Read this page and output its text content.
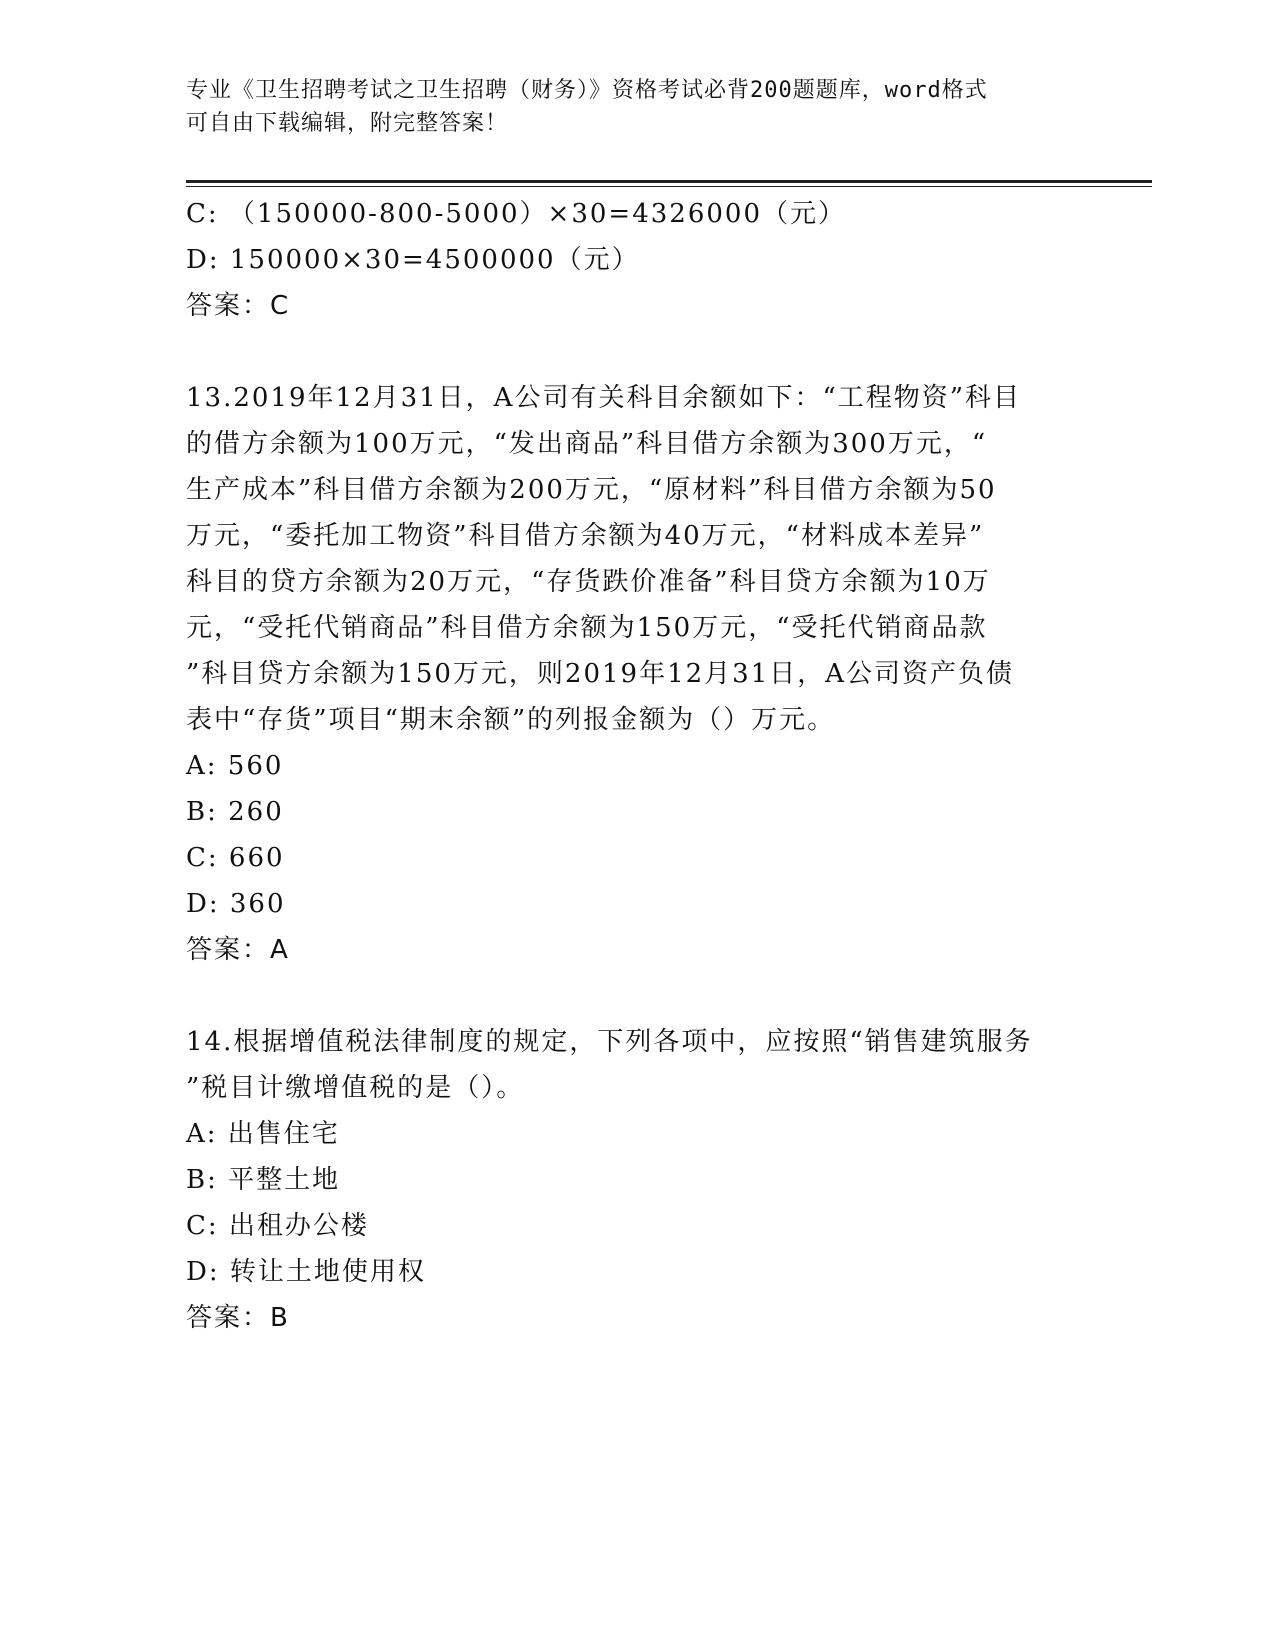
专业《卫生招聘考试之卫生招聘（财务）》资格考试必背200题题库，word格式
可自由下载编辑，附完整答案！
C: （150000-800-5000）×30=4326000（元）
D: 150000×30=4500000（元）
答案：C
13.2019年12月31日，A公司有关科目余额如下：“工程物资”科目
的借方余额为100万元，“发出商品”科目借方余额为300万元，“
生产成本”科目借方余额为200万元，“原材料”科目借方余额为50
万元，“委托加工物资”科目借方余额为40万元，“材料成本差异”
科目的贷方余额为20万元，“存货跌价准备”科目贷方余额为10万
元，“受托代销商品”科目借方余额为150万元，“受托代销商品款
”科目贷方余额为150万元，则2019年12月31日，A公司资产负债
表中“存货”项目“期末余额”的列报金额为（）万元。
A: 560
B: 260
C: 660
D: 360
答案：A
14.根据增值税法律制度的规定，下列各项中，应按照“销售建筑服务
”税目计缴增值税的是（）。
A: 出售住宅
B: 平整土地
C: 出租办公楼
D: 转让土地使用权
答案：B
